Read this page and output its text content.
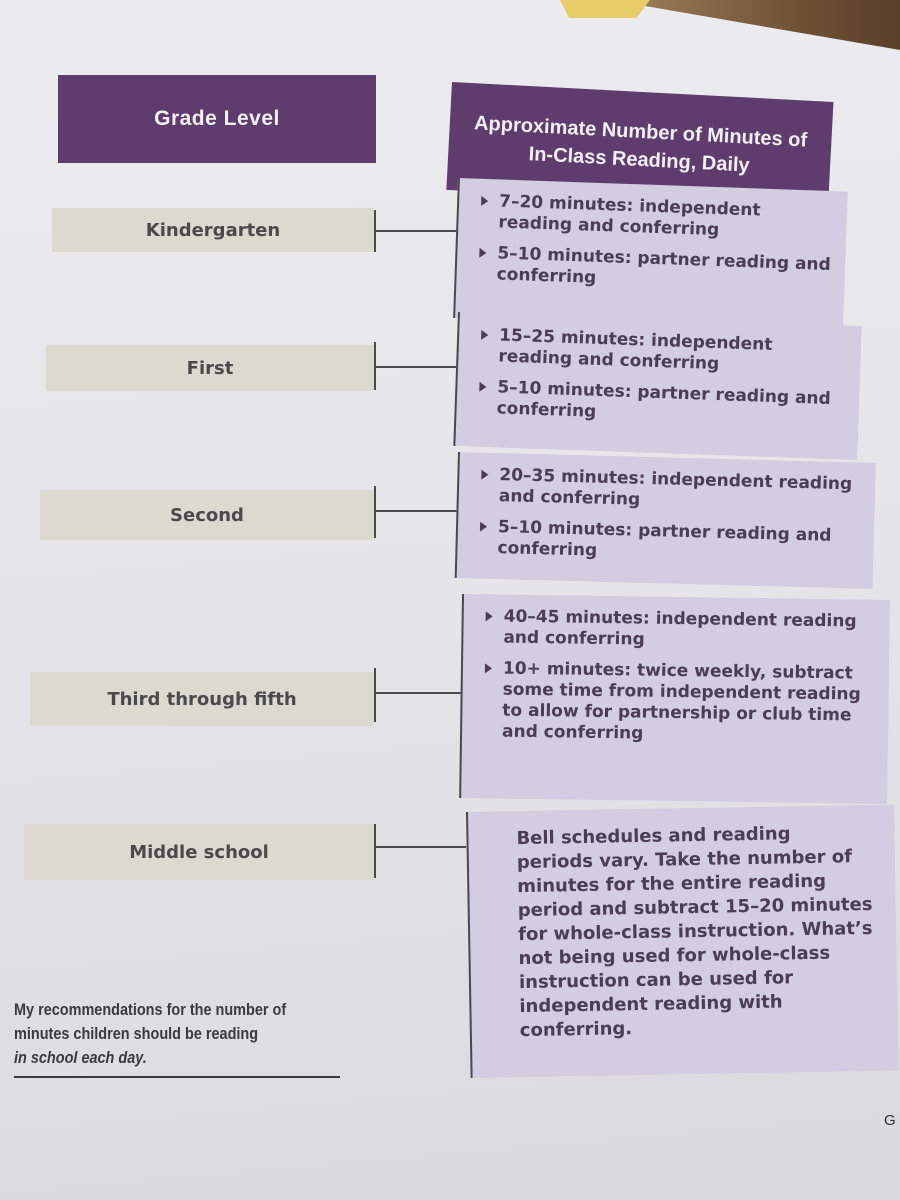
Grade Level	Approximate Number of Minutes of In-Class Reading, Daily
Kindergarten
7–20 minutes: independent reading and conferring
5–10 minutes: partner reading and conferring
First
15–25 minutes: independent reading and conferring
5–10 minutes: partner reading and conferring
Second
20–35 minutes: independent reading and conferring
5–10 minutes: partner reading and conferring
Third through fifth
40–45 minutes: independent reading and conferring
10+ minutes: twice weekly, subtract some time from independent reading to allow for partnership or club time and conferring
Middle school
Bell schedules and reading periods vary. Take the number of minutes for the entire reading period and subtract 15–20 minutes for whole-class instruction. What’s not being used for whole-class instruction can be used for independent reading with conferring.
My recommendations for the number of
minutes children should be reading
in school each day.
G
